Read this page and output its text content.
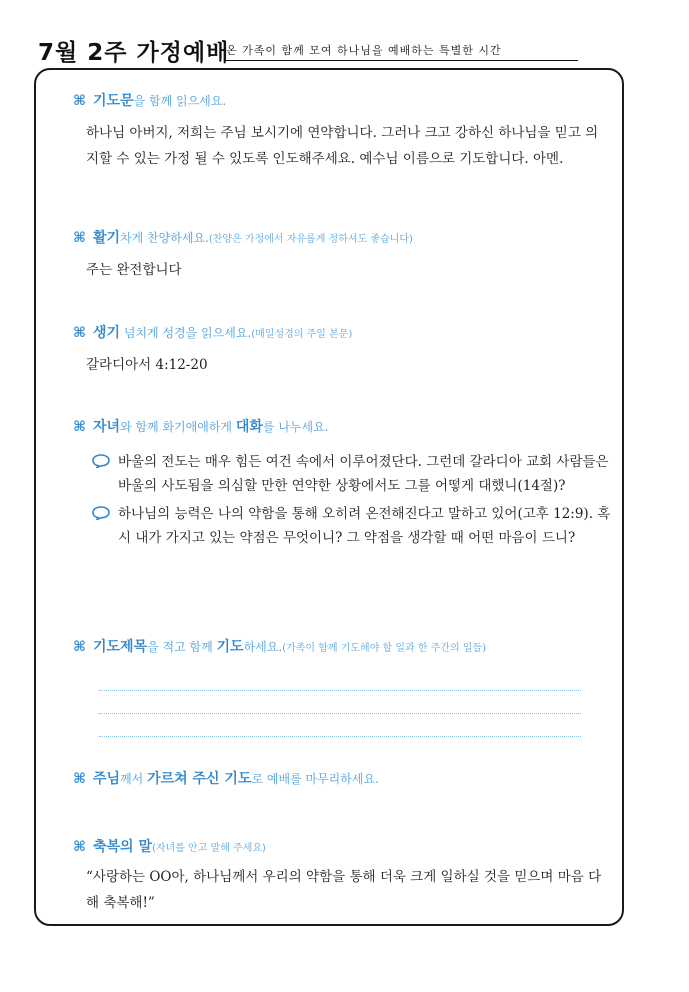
7월 2주 가정예배
온 가족이 함께 모여 하나님을 예배하는 특별한 시간
⌘ 기도문을 함께 읽으세요.
하나님 아버지, 저희는 주님 보시기에 연약합니다. 그러나 크고 강하신 하나님을 믿고 의지할 수 있는 가정 될 수 있도록 인도해주세요. 예수님 이름으로 기도합니다. 아멘.
⌘ 활기차게 찬양하세요.(찬양은 가정에서 자유롭게 정하셔도 좋습니다)
주는 완전합니다
⌘ 생기 넘치게 성경을 읽으세요.(매일성경의 주일 본문)
갈라디아서 4:12-20
⌘ 자녀와 함께 화기애애하게 대화를 나누세요.
바울의 전도는 매우 힘든 여건 속에서 이루어졌단다. 그런데 갈라디아 교회 사람들은 바울의 사도됨을 의심할 만한 연약한 상황에서도 그를 어떻게 대했니(14절)?
하나님의 능력은 나의 약함을 통해 오히려 온전해진다고 말하고 있어(고후 12:9). 혹시 내가 가지고 있는 약점은 무엇이니? 그 약점을 생각할 때 어떤 마음이 드니?
⌘ 기도제목을 적고 함께 기도하세요.(가족이 함께 기도해야 할 일과 한 주간의 일들)
⌘ 주님께서 가르쳐 주신 기도로 예배를 마무리하세요.
⌘ 축복의 말(자녀를 안고 말해 주세요)
“사랑하는 OO아, 하나님께서 우리의 약함을 통해 더욱 크게 일하실 것을 믿으며 마음 다해 축복해!”
